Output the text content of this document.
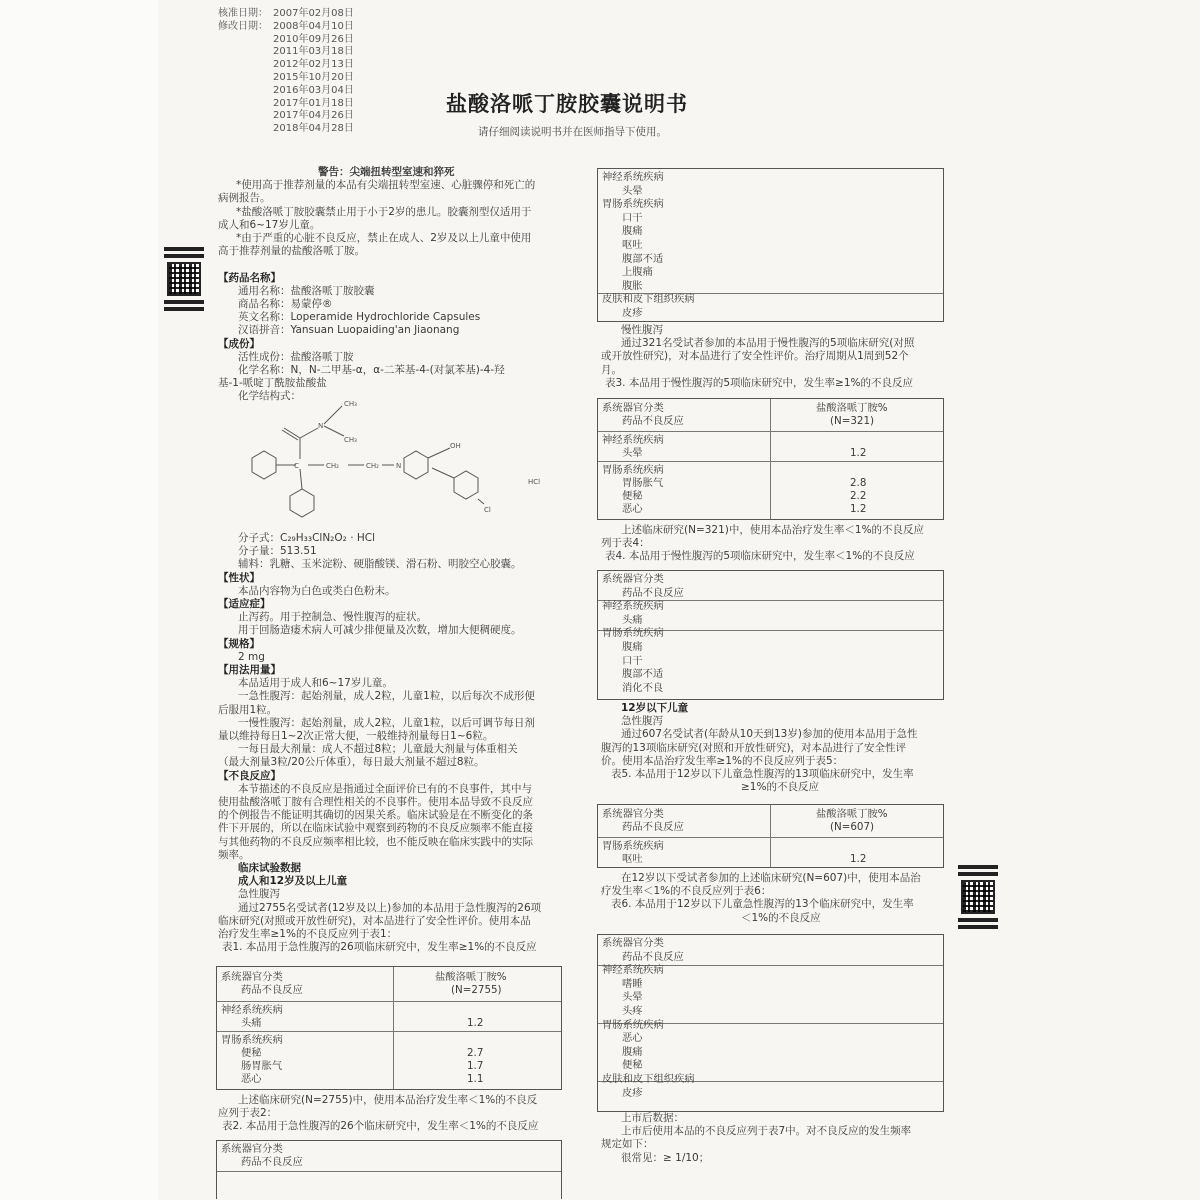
核准日期： 2007年02月08日
修改日期： 2008年04月10日
2010年09月26日
2011年03月18日
2012年02月13日
2015年10月20日
2016年03月04日
2017年01月18日
2017年04月26日
2018年04月28日
盐酸洛哌丁胺胶囊说明书
请仔细阅读说明书并在医师指导下使用。
警告：尖端扭转型室速和猝死
*使用高于推荐剂量的本品有尖端扭转型室速、心脏骤停和死亡的
病例报告。
*盐酸洛哌丁胺胶囊禁止用于小于2岁的患儿。胶囊剂型仅适用于
成人和6~17岁儿童。
*由于严重的心脏不良反应，禁止在成人、2岁及以上儿童中使用
高于推荐剂量的盐酸洛哌丁胺。
【药品名称】
通用名称：盐酸洛哌丁胺胶囊
商品名称：易蒙停®
英文名称：Loperamide Hydrochloride Capsules
汉语拼音：Yansuan Luopaiding'an Jiaonang
【成份】
活性成份：盐酸洛哌丁胺
化学名称：N，N-二甲基-α，α-二苯基-4-(对氯苯基)-4-羟
基-1-哌啶丁酰胺盐酸盐
化学结构式：
C
N
CH₃
CH₃
CH₂	CH₂ N
OH
Cl
HCl
分子式：C₂₉H₃₃ClN₂O₂ · HCl
分子量：513.51
辅料：乳糖、玉米淀粉、硬脂酸镁、滑石粉、明胶空心胶囊。
【性状】
本品内容物为白色或类白色粉末。
【适应症】
止泻药。用于控制急、慢性腹泻的症状。
用于回肠造瘘术病人可减少排便量及次数，增加大便稠硬度。
【规格】
2 mg
【用法用量】
本品适用于成人和6~17岁儿童。
一急性腹泻：起始剂量，成人2粒，儿童1粒，以后每次不成形便
后服用1粒。
一慢性腹泻：起始剂量，成人2粒，儿童1粒，以后可调节每日剂
量以维持每日1~2次正常大便，一般维持剂量每日1~6粒。
一每日最大剂量：成人不超过8粒；儿童最大剂量与体重相关
（最大剂量3粒/20公斤体重），每日最大剂量不超过8粒。
【不良反应】
本节描述的不良反应是指通过全面评价已有的不良事件，其中与
使用盐酸洛哌丁胺有合理性相关的不良事件。使用本品导致不良反应
的个例报告不能证明其确切的因果关系。临床试验是在不断变化的条
件下开展的，所以在临床试验中观察到药物的不良反应频率不能直接
与其他药物的不良反应频率相比较，也不能反映在临床实践中的实际
频率。
临床试验数据
成人和12岁及以上儿童
急性腹泻
通过2755名受试者(12岁及以上)参加的本品用于急性腹泻的26项
临床研究(对照或开放性研究)，对本品进行了安全性评价。使用本品
治疗发生率≥1%的不良反应列于表1：
表1. 本品用于急性腹泻的26项临床研究中，发生率≥1%的不良反应
系统器官分类
药品不良反应
盐酸洛哌丁胺%
(N=2755)
神经系统疾病
头痛	1.2
胃肠系统疾病
便秘	2.7
肠胃胀气	1.7
恶心	1.1
上述临床研究(N=2755)中，使用本品治疗发生率＜1%的不良反
应列于表2：
表2. 本品用于急性腹泻的26个临床研究中，发生率＜1%的不良反应
系统器官分类
药品不良反应
神经系统疾病
头晕
胃肠系统疾病
口干
腹痛
呕吐
腹部不适
上腹痛
腹胀
皮肤和皮下组织疾病
皮疹
慢性腹泻
通过321名受试者参加的本品用于慢性腹泻的5项临床研究(对照
或开放性研究)，对本品进行了安全性评价。治疗周期从1周到52个
月。
表3. 本品用于慢性腹泻的5项临床研究中，发生率≥1%的不良反应
系统器官分类
药品不良反应
盐酸洛哌丁胺%
(N=321)
神经系统疾病
头晕	1.2
胃肠系统疾病
胃肠胀气	2.8
便秘	2.2
恶心	1.2
上述临床研究(N=321)中，使用本品治疗发生率＜1%的不良反应
列于表4：
表4. 本品用于慢性腹泻的5项临床研究中，发生率＜1%的不良反应
系统器官分类
药品不良反应
神经系统疾病
头痛
胃肠系统疾病
腹痛
口干
腹部不适
消化不良
12岁以下儿童
急性腹泻
通过607名受试者(年龄从10天到13岁)参加的使用本品用于急性
腹泻的13项临床研究(对照和开放性研究)，对本品进行了安全性评
价。使用本品治疗发生率≥1%的不良反应列于表5：
表5. 本品用于12岁以下儿童急性腹泻的13项临床研究中，发生率
≥1%的不良反应
系统器官分类
药品不良反应
盐酸洛哌丁胺%
(N=607)
胃肠系统疾病
呕吐	1.2
在12岁以下受试者参加的上述临床研究(N=607)中，使用本品治
疗发生率＜1%的不良反应列于表6：
表6. 本品用于12岁以下儿童急性腹泻的13个临床研究中，发生率
＜1%的不良反应
系统器官分类
药品不良反应
神经系统疾病
嗜睡
头晕
头疼
胃肠系统疾病
恶心
腹痛
便秘
皮肤和皮下组织疾病
皮疹
上市后数据：
上市后使用本品的不良反应列于表7中。对不良反应的发生频率
规定如下：
很常见：≥ 1/10；
